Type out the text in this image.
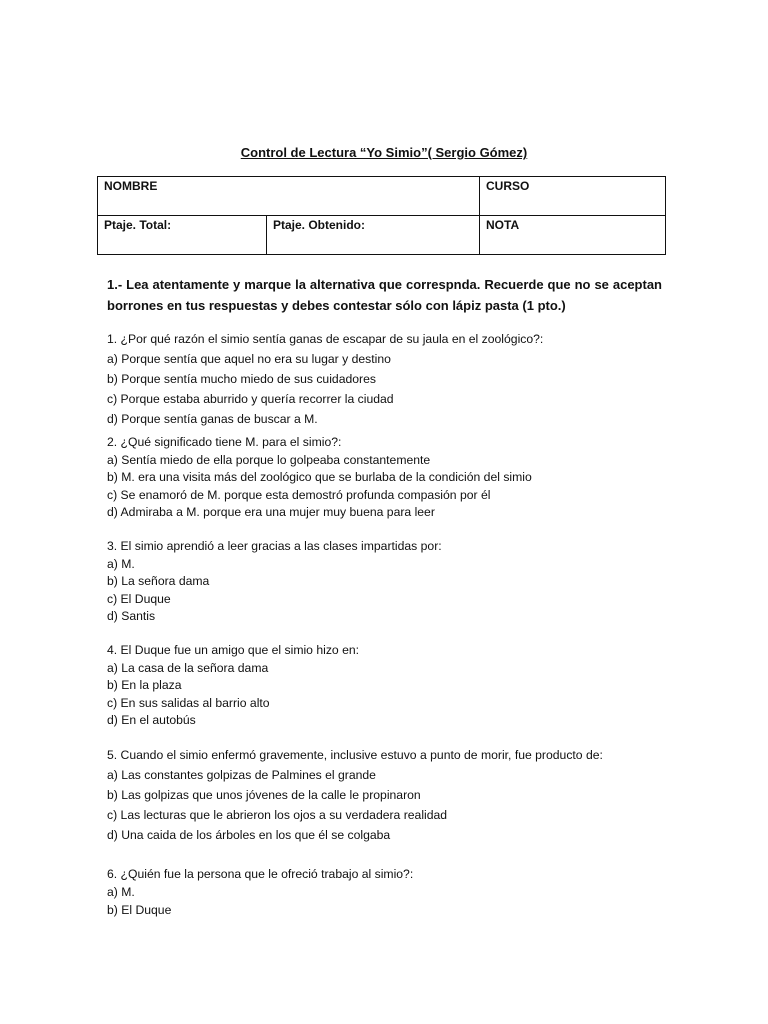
Control de Lectura “Yo Simio”( Sergio Gómez)
NOMBRE		CURSO
Ptaje. Total:	Ptaje. Obtenido:	NOTA
1.- Lea atentamente y marque la alternativa que correspnda. Recuerde que no se aceptan borrones en tus respuestas y debes contestar sólo con lápiz pasta (1 pto.)

1. ¿Por qué razón el simio sentía ganas de escapar de su jaula en el zoológico?:

a) Porque sentía que aquel no era su lugar y destino

b) Porque sentía mucho miedo de sus cuidadores

c) Porque estaba aburrido y quería recorrer la ciudad

d) Porque sentía ganas de buscar a M.

2. ¿Qué significado tiene M. para el simio?:

a) Sentía miedo de ella porque lo golpeaba constantemente

b) M. era una visita más del zoológico que se burlaba de la condición del simio

c) Se enamoró de M. porque esta demostró profunda compasión por él

d) Admiraba a M. porque era una mujer muy buena para leer

3. El simio aprendió a leer gracias a las clases impartidas por:

a) M.

b) La señora dama

c) El Duque

d) Santis

4. El Duque fue un amigo que el simio hizo en:

a) La casa de la señora dama

b) En la plaza

c) En sus salidas al barrio alto

d) En el autobús

5. Cuando el simio enfermó gravemente, inclusive estuvo a punto de morir, fue producto de:

a) Las constantes golpizas de Palmines el grande

b) Las golpizas que unos jóvenes de la calle le propinaron

c) Las lecturas que le abrieron los ojos a su verdadera realidad

d) Una caida de los árboles en los que él se colgaba

6. ¿Quién fue la persona que le ofreció trabajo al simio?:

a) M.

b) El Duque
